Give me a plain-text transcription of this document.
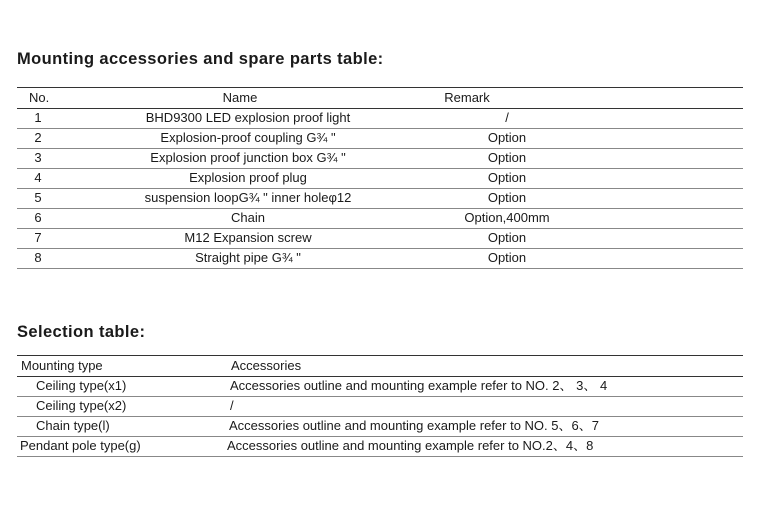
Mounting accessories and spare parts table:
No.	Name	Remark
1	BHD9300 LED explosion proof light	/
2	Explosion-proof coupling G¾ "	Option
3	Explosion proof junction box G¾ "	Option
4	Explosion proof plug	Option
5	suspension loopG¾ " inner holeφ12	Option
6	Chain	Option,400mm
7	M12 Expansion screw	Option
8	Straight pipe G¾ "	Option
Selection table:
Mounting type	Accessories
Ceiling type(x1)	Accessories outline and mounting example refer to NO. 2、 3、 4
Ceiling type(x2)	/
Chain type(l)	Accessories outline and mounting example refer to NO. 5、6、7
Pendant pole type(g)	Accessories outline and mounting example refer to NO.2、4、8
